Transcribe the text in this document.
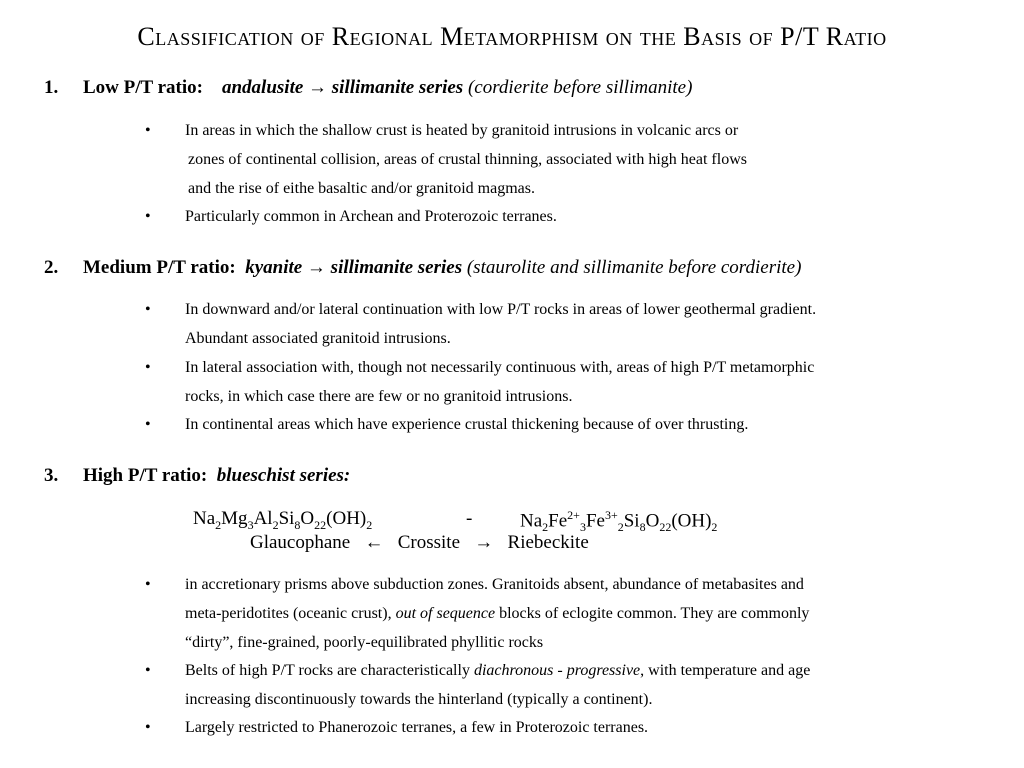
Classification of Regional Metamorphism on the Basis of P/T Ratio
1. Low P/T ratio: andalusite → sillimanite series (cordierite before sillimanite)
• In areas in which the shallow crust is heated by granitoid intrusions in volcanic arcs or
zones of continental collision, areas of crustal thinning, associated with high heat flows
and the rise of eithe basaltic and/or granitoid magmas.
• Particularly common in Archean and Proterozoic terranes.
2. Medium P/T ratio: kyanite → sillimanite series (staurolite and sillimanite before cordierite)
• In downward and/or lateral continuation with low P/T rocks in areas of lower geothermal gradient.
Abundant associated granitoid intrusions.
• In lateral association with, though not necessarily continuous with, areas of high P/T metamorphic
rocks, in which case there are few or no granitoid intrusions.
• In continental areas which have experience crustal thickening because of over thrusting.
3. High P/T ratio: blueschist series:
$Na_2Mg_3Al_2Si_8O_{22}(OH)_2$	-	$Na_2Fe^{2+}_3Fe^{3+}_2Si_8O_{22}(OH)_2$
Glaucophane ← Crossite → Riebeckite
• in accretionary prisms above subduction zones. Granitoids absent, abundance of metabasites and
meta-peridotites (oceanic crust), out of sequence blocks of eclogite common. They are commonly
“dirty”, fine-grained, poorly-equilibrated phyllitic rocks
• Belts of high P/T rocks are characteristically diachronous - progressive, with temperature and age
increasing discontinuously towards the hinterland (typically a continent).
• Largely restricted to Phanerozoic terranes, a few in Proterozoic terranes.
